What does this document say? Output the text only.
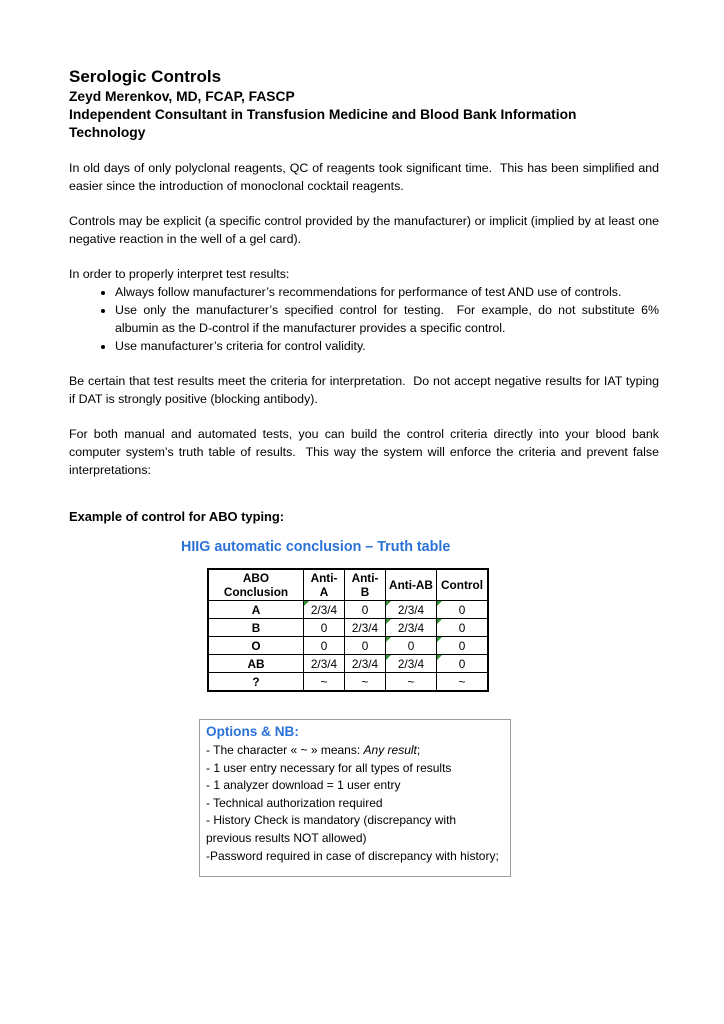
Serologic Controls
Zeyd Merenkov, MD, FCAP, FASCP
Independent Consultant in Transfusion Medicine and Blood Bank Information
Technology

In old days of only polyclonal reagents, QC of reagents took significant time.  This has been simplified and easier since the introduction of monoclonal cocktail reagents.

Controls may be explicit (a specific control provided by the manufacturer) or implicit (implied by at least one negative reaction in the well of a gel card).

In order to properly interpret test results:

• Always follow manufacturer’s recommendations for performance of test AND use of controls.
• Use only the manufacturer’s specified control for testing.  For example, do not substitute 6% albumin as the D-control if the manufacturer provides a specific control.
• Use manufacturer’s criteria for control validity.

Be certain that test results meet the criteria for interpretation.  Do not accept negative results for IAT typing if DAT is strongly positive (blocking antibody).

For both manual and automated tests, you can build the control criteria directly into your blood bank computer system’s truth table of results.  This way the system will enforce the criteria and prevent false interpretations:

Example of control for ABO typing:
HIIG automatic conclusion – Truth table
ABO Conclusion	Anti-A	Anti-B	Anti-AB	Control
A	2/3/4	0	2/3/4	0
B	0	2/3/4	2/3/4	0
O	0	0	0	0
AB	2/3/4	2/3/4	2/3/4	0
?	~	~	~	~
Options & NB:
- The character « ~ » means: Any result;
- 1 user entry necessary for all types of results
- 1 analyzer download = 1 user entry
- Technical authorization required
- History Check is mandatory (discrepancy with previous results NOT allowed)
-Password required in case of discrepancy with history;
